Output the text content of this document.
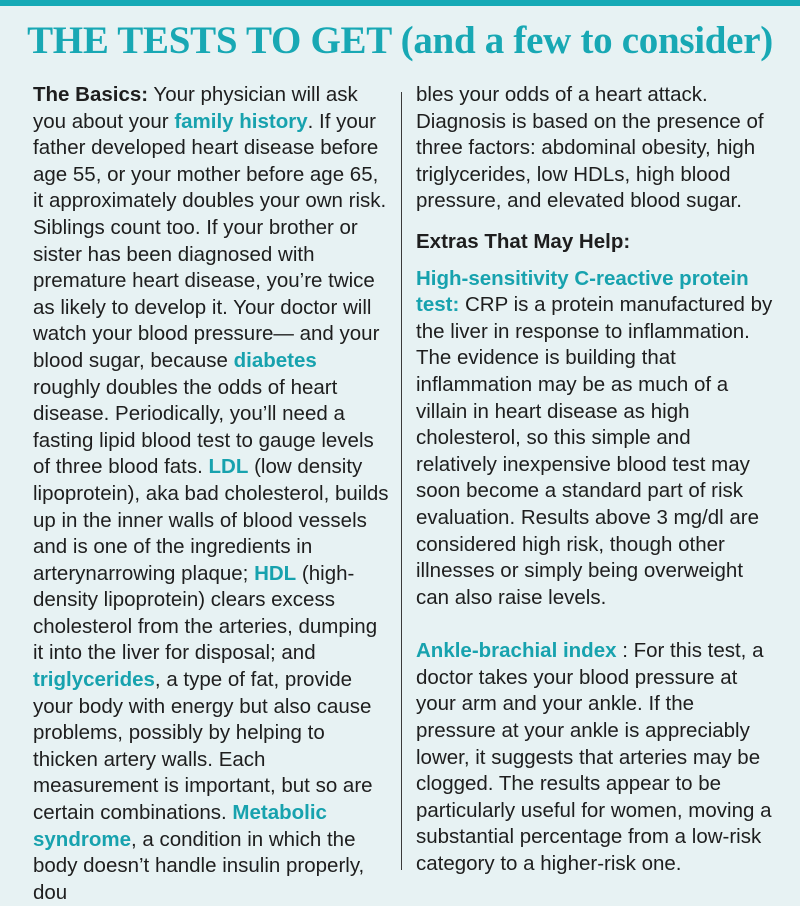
THE TESTS TO GET (and a few to consider)

The Basics: Your physician will ask you about your family history. If your father developed heart disease before age 55, or your mother before age 65, it approximately doubles your own risk. Siblings count too. If your brother or sister has been diagnosed with premature heart disease, you’re twice as likely to develop it. Your doctor will watch your blood pressure— and your blood sugar, because diabetes roughly doubles the odds of heart disease. Periodically, you’ll need a fasting lipid blood test to gauge levels of three blood fats. LDL (low density lipoprotein), aka bad cholesterol, builds up in the inner walls of blood vessels and is one of the ingredients in arterynarrowing plaque; HDL (high-density lipoprotein) clears excess cholesterol from the arteries, dumping it into the liver for disposal; and triglycerides, a type of fat, provide your body with energy but also cause problems, possibly by helping to thicken artery walls. Each measurement is important, but so are certain combinations. Metabolic syndrome, a condition in which the body doesn’t handle insulin properly, dou

bles your odds of a heart attack. Diagnosis is based on the presence of three factors: abdominal obesity, high triglycerides, low HDLs, high blood pressure, and elevated blood sugar.

Extras That May Help:

High-sensitivity C-reactive protein test: CRP is a protein manufactured by the liver in response to inflammation. The evidence is building that inflammation may be as much of a villain in heart disease as high cholesterol, so this simple and relatively inexpensive blood test may soon become a standard part of risk evaluation. Results above 3 mg/dl are considered high risk, though other illnesses or simply being overweight can also raise levels.

Ankle-brachial index : For this test, a doctor takes your blood pressure at your arm and your ankle. If the pressure at your ankle is appreciably lower, it suggests that arteries may be clogged. The results appear to be particularly useful for women, moving a substantial percentage from a low-risk category to a higher-risk one.
